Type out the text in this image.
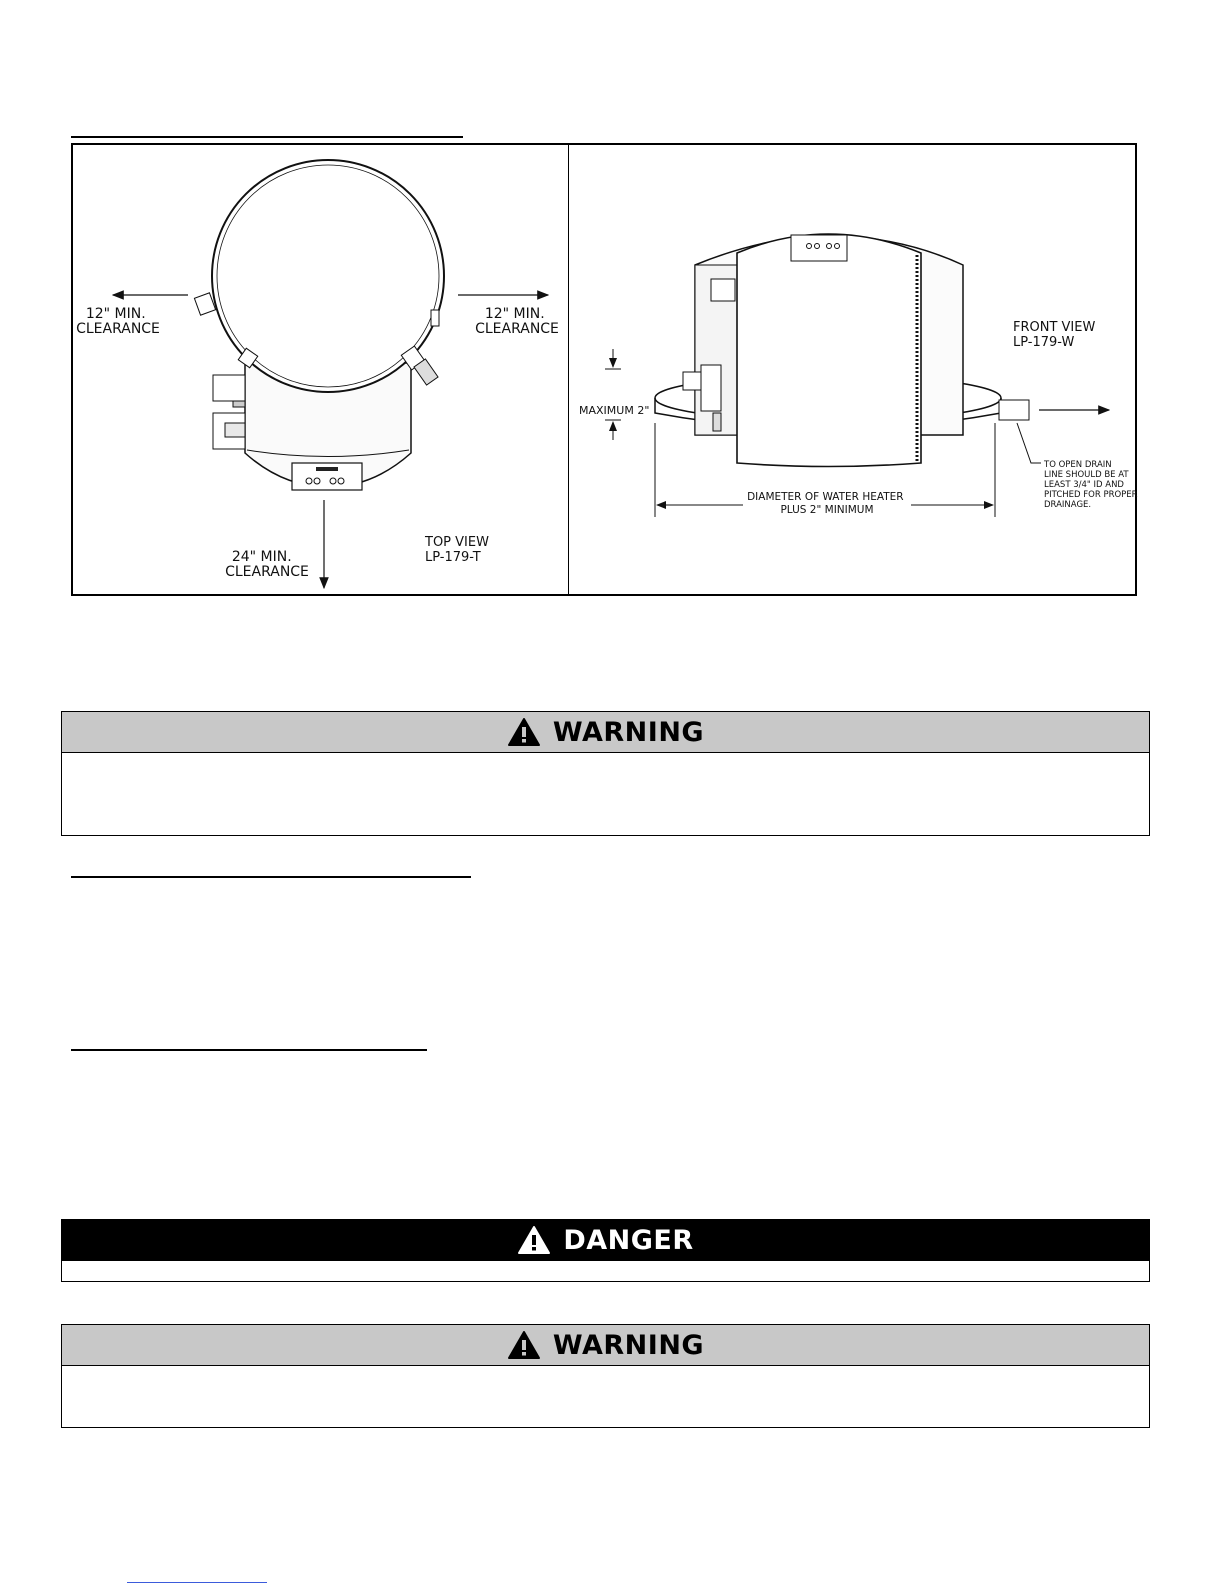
12" MIN. CLEARANCE
12" MIN. CLEARANCE
24" MIN. CLEARANCE
TOP VIEW LP-179-T
FRONT VIEW LP-179-W
MAXIMUM 2"
DIAMETER OF WATER HEATER PLUS 2" MINIMUM
TO OPEN DRAIN LINE SHOULD BE AT LEAST 3/4" ID AND PITCHED FOR PROPER DRAINAGE.
WARNING
DANGER
WARNING
